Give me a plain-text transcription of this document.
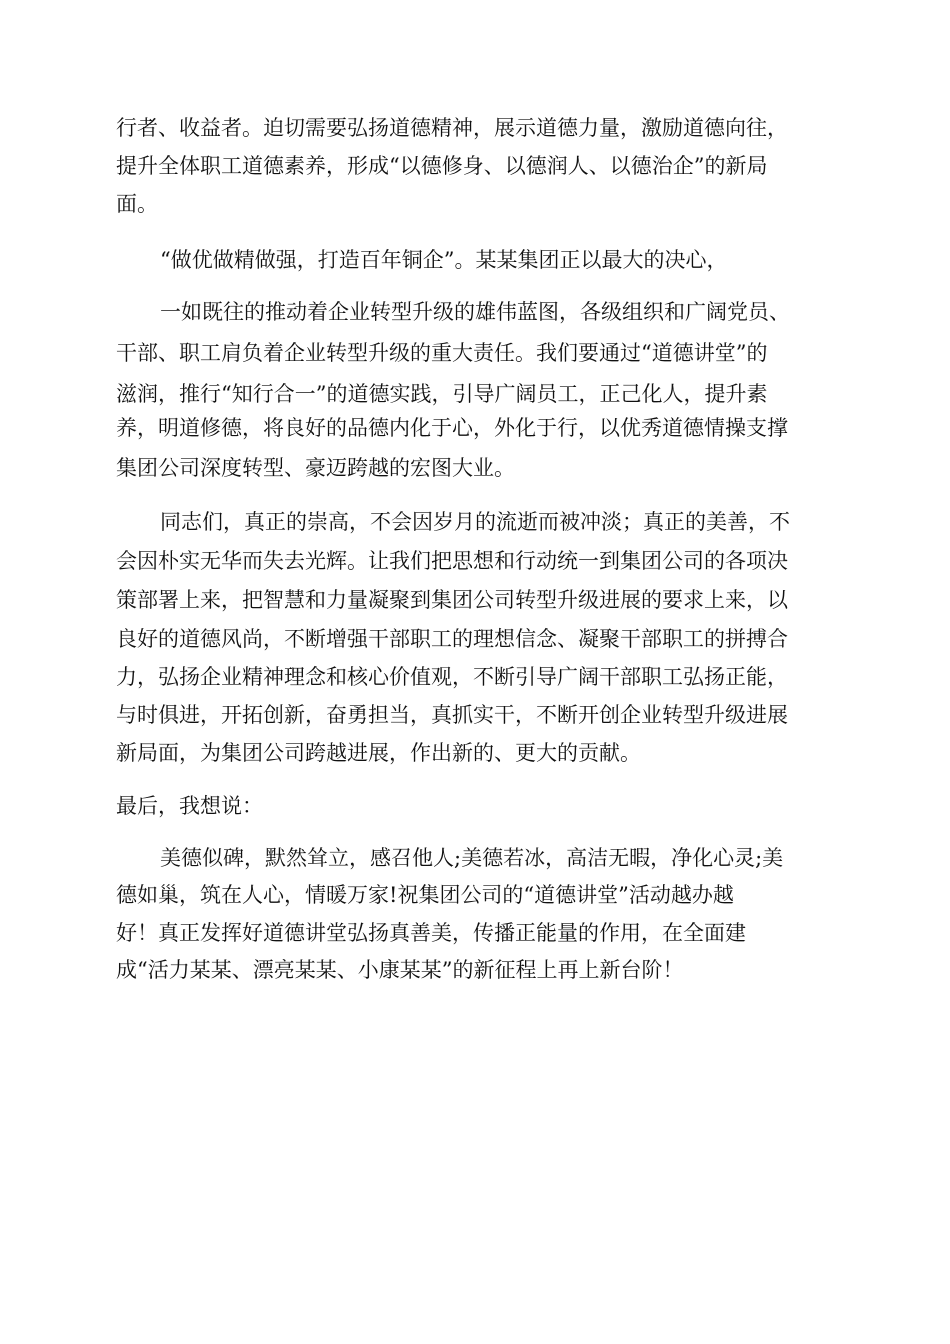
行者、收益者。迫切需要弘扬道德精神，展示道德力量，激励道德向往，
提升全体职工道德素养，形成“以德修身、以德润人、以德治企”的新局
面。
“做优做精做强，打造百年铜企”。某某集团正以最大的决心，
一如既往的推动着企业转型升级的雄伟蓝图，各级组织和广阔党员、
干部、职工肩负着企业转型升级的重大责任。我们要通过“道德讲堂”的
滋润，推行“知行合一”的道德实践，引导广阔员工，正己化人，提升素
养，明道修德，将良好的品德内化于心，外化于行，以优秀道德情操支撑
集团公司深度转型、豪迈跨越的宏图大业。
同志们，真正的崇高，不会因岁月的流逝而被冲淡；真正的美善，不
会因朴实无华而失去光辉。让我们把思想和行动统一到集团公司的各项决
策部署上来，把智慧和力量凝聚到集团公司转型升级进展的要求上来，以
良好的道德风尚，不断增强干部职工的理想信念、凝聚干部职工的拼搏合
力，弘扬企业精神理念和核心价值观，不断引导广阔干部职工弘扬正能，
与时俱进，开拓创新，奋勇担当，真抓实干，不断开创企业转型升级进展
新局面，为集团公司跨越进展，作出新的、更大的贡献。
最后，我想说：
美德似碑，默然耸立，感召他人;美德若冰，高洁无暇，净化心灵;美
德如巢，筑在人心，情暖万家!祝集团公司的“道德讲堂”活动越办越
好！真正发挥好道德讲堂弘扬真善美，传播正能量的作用，在全面建
成“活力某某、漂亮某某、小康某某”的新征程上再上新台阶！
